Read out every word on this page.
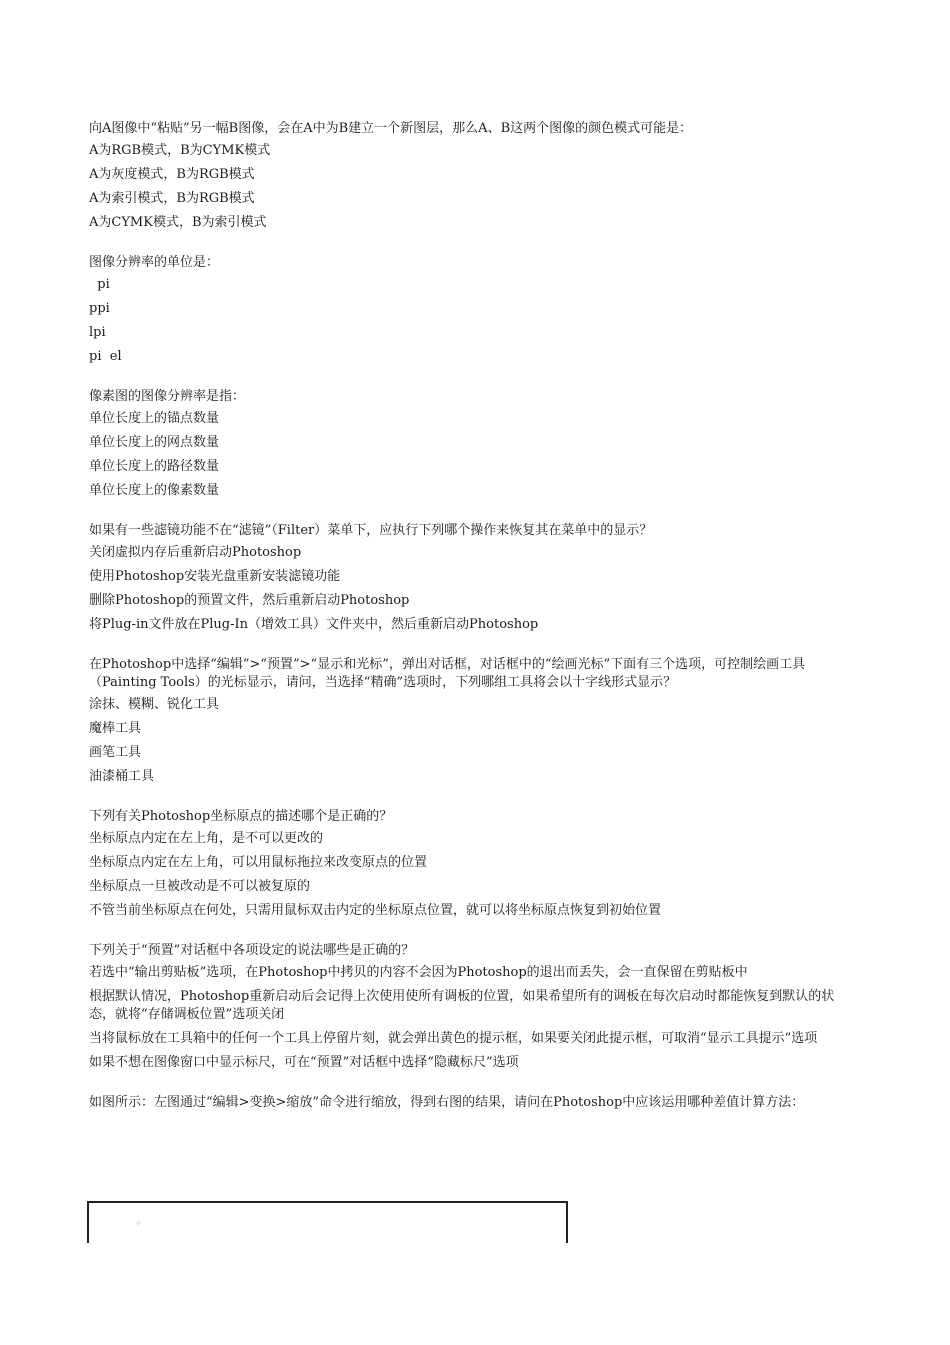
向A图像中“粘贴”另一幅B图像，会在A中为B建立一个新图层，那么A、B这两个图像的颜色模式可能是：
A为RGB模式，B为CYMK模式
A为灰度模式，B为RGB模式
A为索引模式，B为RGB模式
A为CYMK模式，B为索引模式
图像分辨率的单位是：
pi
ppi
lpi
pi  el
像素图的图像分辨率是指：
单位长度上的锚点数量
单位长度上的网点数量
单位长度上的路径数量
单位长度上的像素数量
如果有一些滤镜功能不在“滤镜”（Filter）菜单下，应执行下列哪个操作来恢复其在菜单中的显示？
关闭虚拟内存后重新启动Photoshop
使用Photoshop安装光盘重新安装滤镜功能
删除Photoshop的预置文件，然后重新启动Photoshop
将Plug-in文件放在Plug-In（增效工具）文件夹中，然后重新启动Photoshop
在Photoshop中选择“编辑”>“预置”>“显示和光标”，弹出对话框，对话框中的“绘画光标”下面有三个选项，可控制绘画工具（Painting Tools）的光标显示，请问，当选择“精确”选项时，下列哪组工具将会以十字线形式显示？
涂抹、模糊、锐化工具
魔棒工具
画笔工具
油漆桶工具
下列有关Photoshop坐标原点的描述哪个是正确的？
坐标原点内定在左上角，是不可以更改的
坐标原点内定在左上角，可以用鼠标拖拉来改变原点的位置
坐标原点一旦被改动是不可以被复原的
不管当前坐标原点在何处，只需用鼠标双击内定的坐标原点位置，就可以将坐标原点恢复到初始位置
下列关于“预置”对话框中各项设定的说法哪些是正确的？
若选中“输出剪贴板”选项，在Photoshop中拷贝的内容不会因为Photoshop的退出而丢失，会一直保留在剪贴板中
根据默认情况，Photoshop重新启动后会记得上次使用使所有调板的位置，如果希望所有的调板在每次启动时都能恢复到默认的状态，就将“存储调板位置”选项关闭
当将鼠标放在工具箱中的任何一个工具上停留片刻，就会弹出黄色的提示框，如果要关闭此提示框，可取消“显示工具提示”选项
如果不想在图像窗口中显示标尺，可在“预置”对话框中选择“隐藏标尺”选项
如图所示：左图通过“编辑>变换>缩放”命令进行缩放，得到右图的结果，请问在Photoshop中应该运用哪种差值计算方法：
✧
